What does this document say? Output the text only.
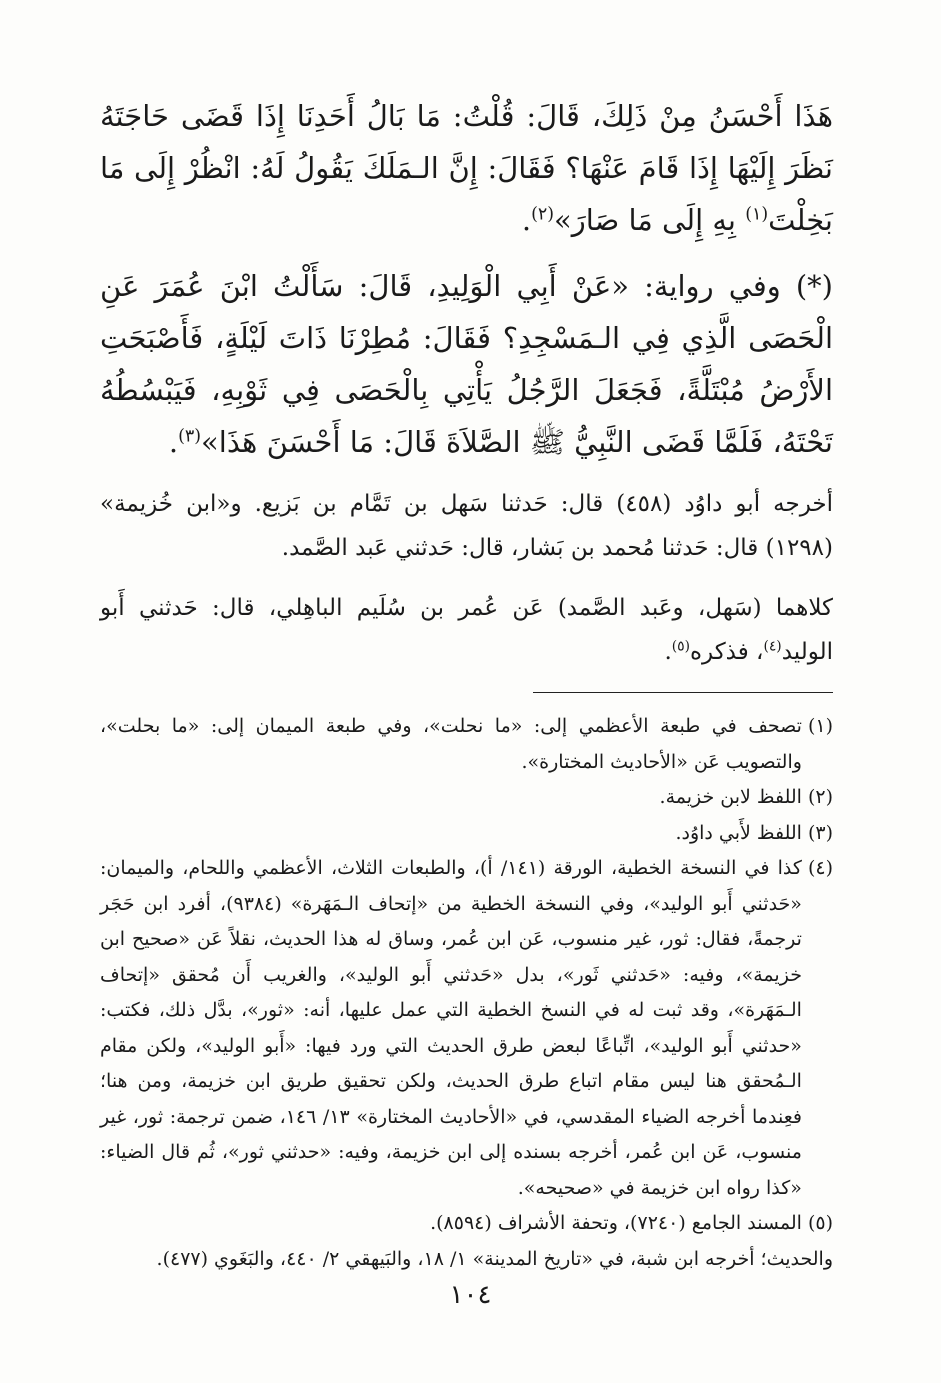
هَذَا أَحْسَنُ مِنْ ذَلِكَ، قَالَ: قُلْتُ: مَا بَالُ أَحَدِنَا إِذَا قَضَى حَاجَتَهُ نَظَرَ إِلَيْهَا إِذَا قَامَ عَنْهَا؟ فَقَالَ: إِنَّ الـمَلَكَ يَقُولُ لَهُ: انْظُرْ إِلَى مَا بَخِلْتَ$^{(١)}$ بِهِ إِلَى مَا صَارَ»$^{(٢)}$.

(*) وفي رواية: «عَنْ أَبِي الْوَلِيدِ، قَالَ: سَأَلْتُ ابْنَ عُمَرَ عَنِ الْحَصَى الَّذِي فِي الـمَسْجِدِ؟ فَقَالَ: مُطِرْنَا ذَاتَ لَيْلَةٍ، فَأَصْبَحَتِ الأَرْضُ مُبْتَلَّةً، فَجَعَلَ الرَّجُلُ يَأْتِي بِالْحَصَى فِي ثَوْبِهِ، فَيَبْسُطُهُ تَحْتَهُ، فَلَمَّا قَضَى النَّبِيُّ ﷺ الصَّلاَةَ قَالَ: مَا أَحْسَنَ هَذَا»$^{(٣)}$.

أخرجه أبو داوُد (٤٥٨) قال: حَدثنا سَهل بن تَمَّام بن بَزيع. و«ابن خُزيمة» (١٢٩٨) قال: حَدثنا مُحمد بن بَشار، قال: حَدثني عَبد الصَّمد.

كلاهما (سَهل، وعَبد الصَّمد) عَن عُمر بن سُلَيم الباهِلي، قال: حَدثني أَبو الوليد$^{(٤)}$، فذكره$^{(٥)}$.

(١)
تصحف في طبعة الأعظمي إلى: «ما نحلت»، وفي طبعة الميمان إلى: «ما بحلت»، والتصويب عَن «الأحاديث المختارة».
(٢)
اللفظ لابن خزيمة.
(٣)
اللفظ لأَبي داوُد.
(٤)
كذا في النسخة الخطية، الورقة (١٤١/ أ)، والطبعات الثلاث، الأعظمي واللحام، والميمان: «حَدثني أَبو الوليد»، وفي النسخة الخطية من «إتحاف الـمَهَرة» (٩٣٨٤)، أفرد ابن حَجَر ترجمةً، فقال: ثور، غير منسوب، عَن ابن عُمر، وساق له هذا الحديث، نقلاً عَن «صحيح ابن خزيمة»، وفيه: «حَدثني ثَور»، بدل «حَدثني أَبو الوليد»، والغريب أَن مُحقق «إتحاف الـمَهَرة»، وقد ثبت له في النسخ الخطية التي عمل عليها، أنه: «ثور»، بدَّل ذلك، فكتب: «حدثني أَبو الوليد»، اتِّباعًا لبعض طرق الحديث التي ورد فيها: «أَبو الوليد»، ولكن مقام الـمُحقق هنا ليس مقام اتباع طرق الحديث، ولكن تحقيق طريق ابن خزيمة، ومن هنا؛ فعِندما أخرجه الضياء المقدسي، في «الأحاديث المختارة» ١٣/ ١٤٦، ضمن ترجمة: ثور، غير منسوب، عَن ابن عُمر، أخرجه بسنده إلى ابن خزيمة، وفيه: «حدثني ثور»، ثُم قال الضياء: «كذا رواه ابن خزيمة في «صحيحه».
(٥)
المسند الجامع (٧٢٤٠)، وتحفة الأشراف (٨٥٩٤).

والحديث؛ أخرجه ابن شبة، في «تاريخ المدينة» ١/ ١٨، والبَيهقي ٢/ ٤٤٠، والبَغَوي (٤٧٧).

١٠٤
